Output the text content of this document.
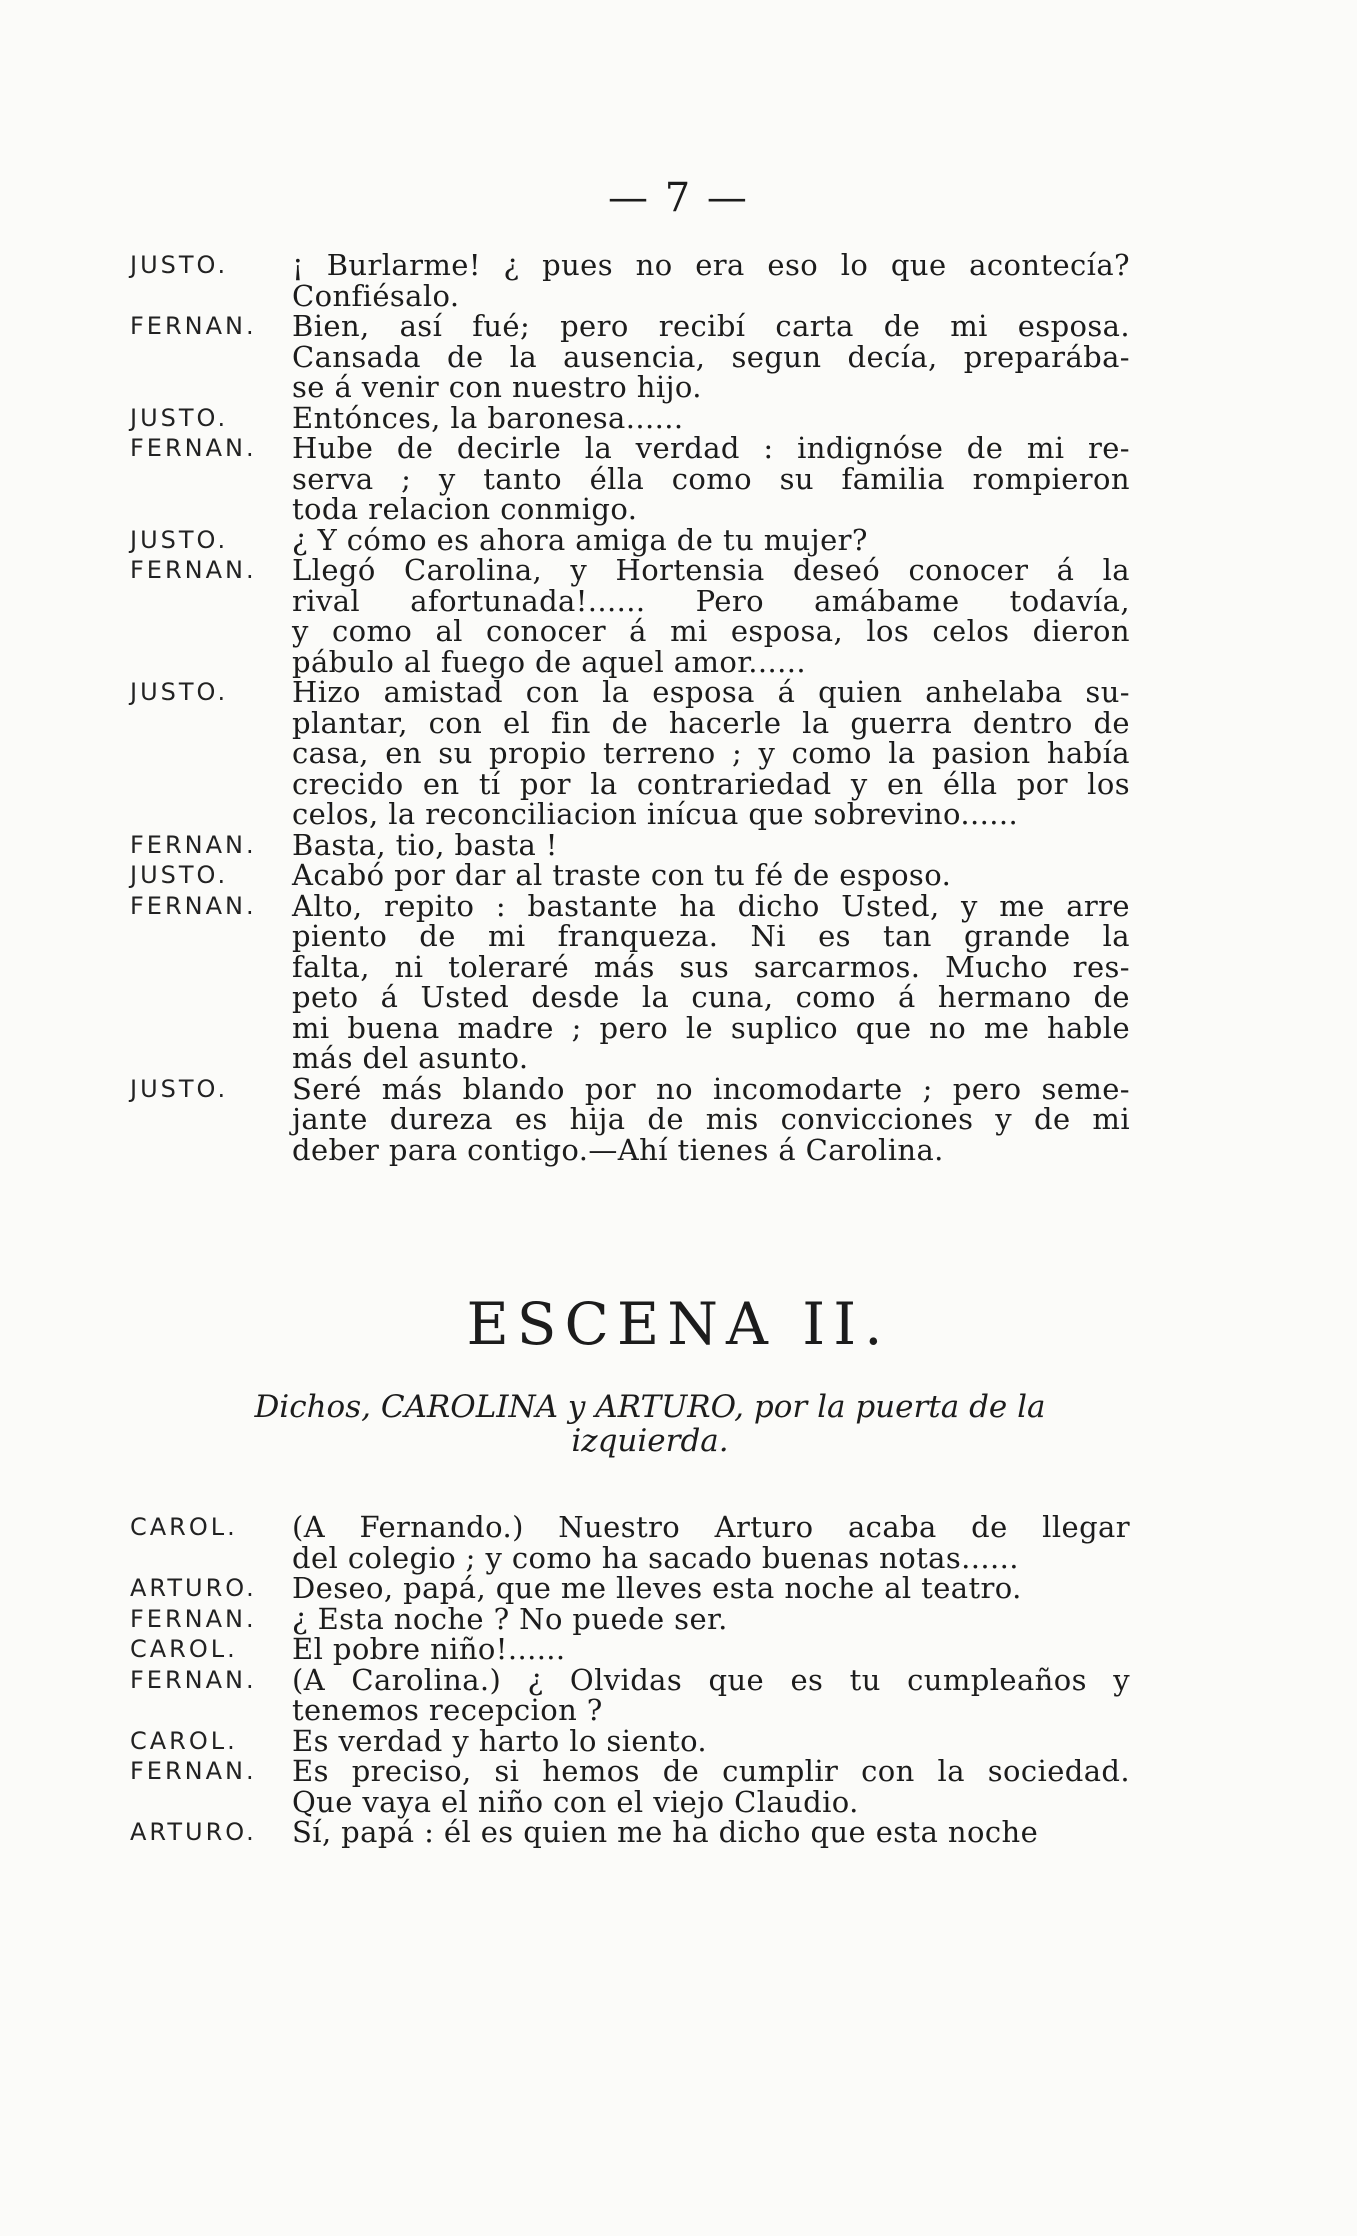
— 7 —
JUSTO. ¡ Burlarme! ¿ pues no era eso lo que acontecía?
Confiésalo.
FERNAN. Bien, así fué; pero recibí carta de mi esposa.
Cansada de la ausencia, segun decía, preparába-
se á venir con nuestro hijo.
JUSTO. Entónces, la baronesa......
FERNAN. Hube de decirle la verdad : indignóse de mi re-
serva ; y tanto élla como su familia rompieron
toda relacion conmigo.
JUSTO. ¿ Y cómo es ahora amiga de tu mujer?
FERNAN. Llegó Carolina, y Hortensia deseó conocer á la
rival afortunada!...... Pero amábame todavía,
y como al conocer á mi esposa, los celos dieron
pábulo al fuego de aquel amor......
JUSTO. Hizo amistad con la esposa á quien anhelaba su-
plantar, con el fin de hacerle la guerra dentro de
casa, en su propio terreno ; y como la pasion había
crecido en tí por la contrariedad y en élla por los
celos, la reconciliacion inícua que sobrevino......
FERNAN. Basta, tio, basta !
JUSTO. Acabó por dar al traste con tu fé de esposo.
FERNAN. Alto, repito : bastante ha dicho Usted, y me arre
piento de mi franqueza. Ni es tan grande la
falta, ni toleraré más sus sarcarmos. Mucho res-
peto á Usted desde la cuna, como á hermano de
mi buena madre ; pero le suplico que no me hable
más del asunto.
JUSTO. Seré más blando por no incomodarte ; pero seme-
jante dureza es hija de mis convicciones y de mi
deber para contigo.—Ahí tienes á Carolina.
ESCENA II.
Dichos, CAROLINA y ARTURO, por la puerta de la
izquierda.
CAROL. (A Fernando.) Nuestro Arturo acaba de llegar
del colegio ; y como ha sacado buenas notas......
ARTURO. Deseo, papá, que me lleves esta noche al teatro.
FERNAN. ¿ Esta noche ? No puede ser.
CAROL. El pobre niño!......
FERNAN. (A Carolina.) ¿ Olvidas que es tu cumpleaños y
tenemos recepcion ?
CAROL. Es verdad y harto lo siento.
FERNAN. Es preciso, si hemos de cumplir con la sociedad.
Que vaya el niño con el viejo Claudio.
ARTURO. Sí, papá : él es quien me ha dicho que esta noche
